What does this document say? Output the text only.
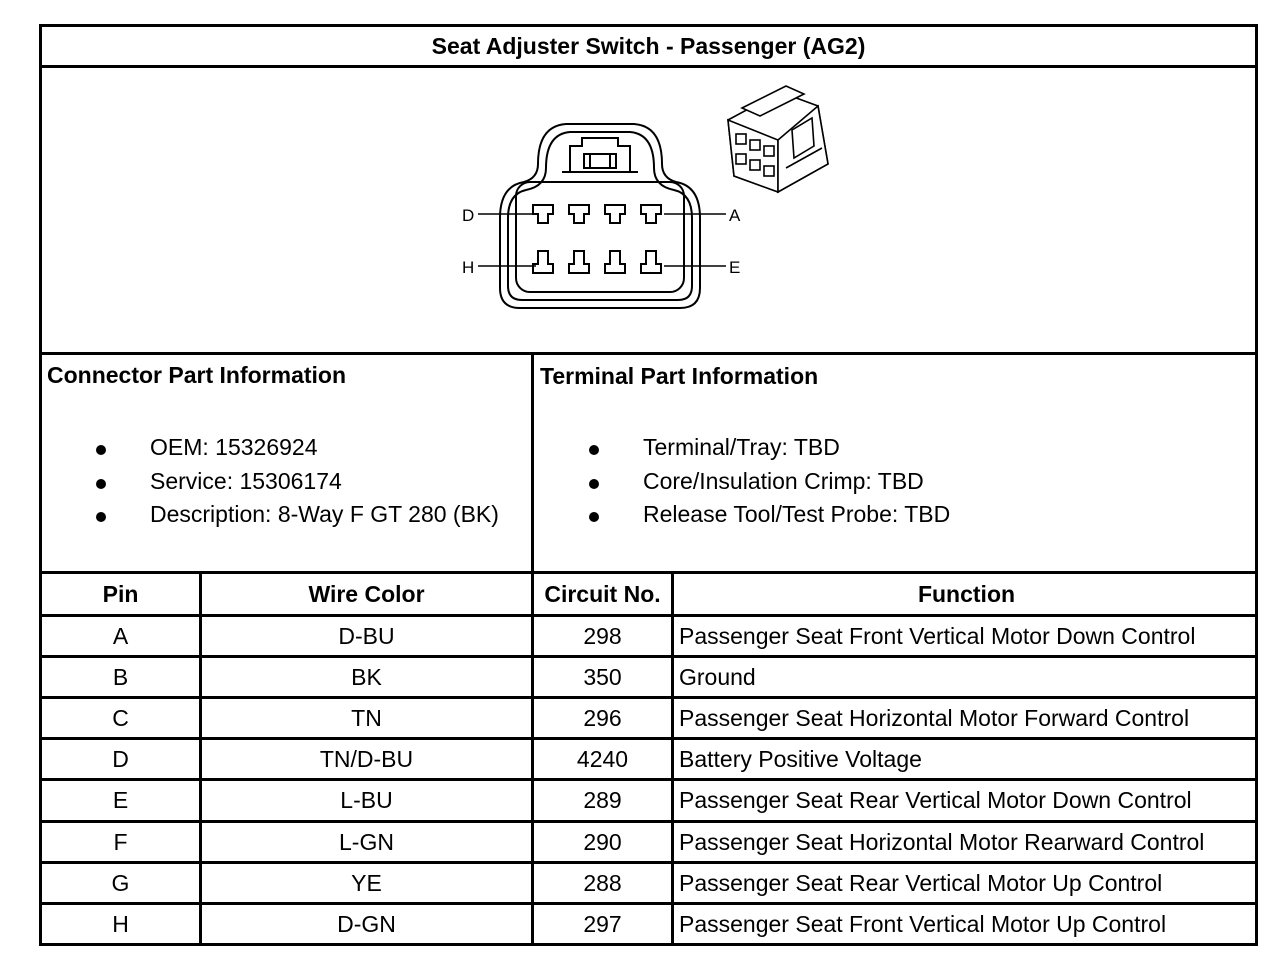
Seat Adjuster Switch - Passenger (AG2)
D	A
H	E
Connector Part Information
OEM: 15326924
Service: 15306174
Description: 8-Way F GT 280 (BK)
Terminal Part Information
Terminal/Tray: TBD
Core/Insulation Crimp: TBD
Release Tool/Test Probe: TBD
Pin	Wire Color	Circuit No.	Function
A	D-BU	298	Passenger Seat Front Vertical Motor Down Control
B	BK	350	Ground
C	TN	296	Passenger Seat Horizontal Motor Forward Control
D	TN/D-BU	4240	Battery Positive Voltage
E	L-BU	289	Passenger Seat Rear Vertical Motor Down Control
F	L-GN	290	Passenger Seat Horizontal Motor Rearward Control
G	YE	288	Passenger Seat Rear Vertical Motor Up Control
H	D-GN	297	Passenger Seat Front Vertical Motor Up Control
